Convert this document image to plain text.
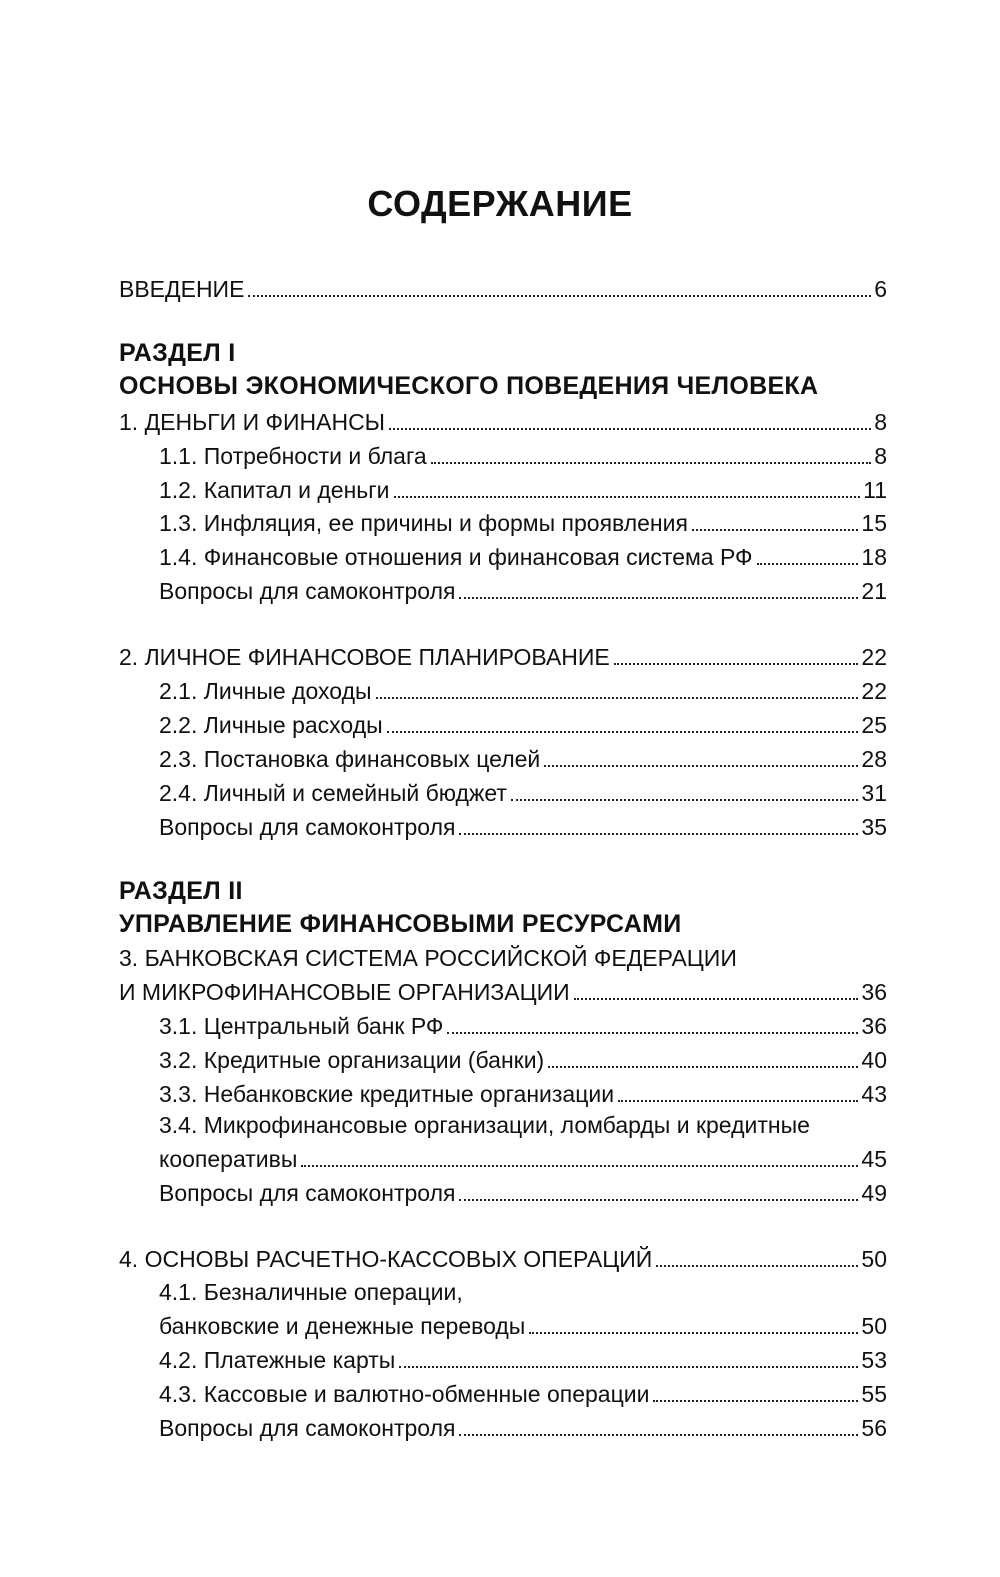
СОДЕРЖАНИЕ
ВВЕДЕНИЕ	6
РАЗДЕЛ I
ОСНОВЫ ЭКОНОМИЧЕСКОГО ПОВЕДЕНИЯ ЧЕЛОВЕКА
1. ДЕНЬГИ И ФИНАНСЫ	8
1.1. Потребности и блага	8
1.2. Капитал и деньги	11
1.3. Инфляция, ее причины и формы проявления	15
1.4. Финансовые отношения и финансовая система РФ	18
Вопросы для самоконтроля	21
2. ЛИЧНОЕ ФИНАНСОВОЕ ПЛАНИРОВАНИЕ	22
2.1. Личные доходы	22
2.2. Личные расходы	25
2.3. Постановка финансовых целей	28
2.4. Личный и семейный бюджет	31
Вопросы для самоконтроля	35
РАЗДЕЛ II
УПРАВЛЕНИЕ ФИНАНСОВЫМИ РЕСУРСАМИ
3. БАНКОВСКАЯ СИСТЕМА РОССИЙСКОЙ ФЕДЕРАЦИИ
И МИКРОФИНАНСОВЫЕ ОРГАНИЗАЦИИ	36
3.1. Центральный банк РФ	36
3.2. Кредитные организации (банки)	40
3.3. Небанковские кредитные организации	43
3.4. Микрофинансовые организации, ломбарды и кредитные
кооперативы	45
Вопросы для самоконтроля	49
4. ОСНОВЫ РАСЧЕТНО-КАССОВЫХ ОПЕРАЦИЙ	50
4.1. Безналичные операции,
банковские и денежные переводы	50
4.2. Платежные карты	53
4.3. Кассовые и валютно-обменные операции	55
Вопросы для самоконтроля	56
